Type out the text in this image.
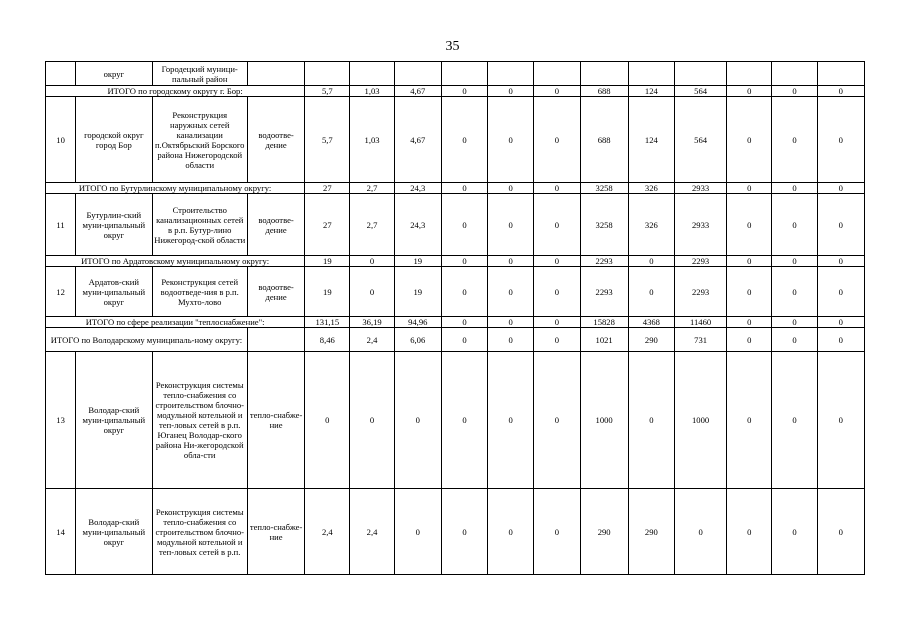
35
	округ	Городецкий муници-пальный район													
ИТОГО по городскому округу г. Бор:				5,7	1,03	4,67	0	0	0	688	124	564	0	0	0
10	городской округ город Бор	Реконструкция наружных сетей канализации п.Октябрьский Борского района Нижегородской области	водоотве-дение	5,7	1,03	4,67	0	0	0	688	124	564	0	0	0
ИТОГО по Бутурлинскому муниципальному округу:				27	2,7	24,3	0	0	0	3258	326	2933	0	0	0
11	Бутурлин-ский муни-ципальный округ	Строительство канализационных сетей в р.п. Бутур-лино Нижегород-ской области	водоотве-дение	27	2,7	24,3	0	0	0	3258	326	2933	0	0	0
ИТОГО по Ардатовскому муниципальному округу:				19	0	19	0	0	0	2293	0	2293	0	0	0
12	Ардатов-ский муни-ципальный округ	Реконструкция сетей водоотведе-ния в р.п. Мухто-лово	водоотве-дение	19	0	19	0	0	0	2293	0	2293	0	0	0
ИТОГО по сфере реализации "теплоснабжение":				131,15	36,19	94,96	0	0	0	15828	4368	11460	0	0	0
ИТОГО по Володарскому муниципаль-ному округу:				8,46	2,4	6,06	0	0	0	1021	290	731	0	0	0
13	Володар-ский муни-ципальный округ	Реконструкция системы тепло-снабжения со строительством блочно-модульной котельной и теп-ловых сетей в р.п. Юганец Володар-ского района Ни-жегородской обла-сти	тепло-снабже-ние	0	0	0	0	0	0	1000	0	1000	0	0	0
14	Володар-ский муни-ципальный округ	Реконструкция системы тепло-снабжения со строительством блочно-модульной котельной и теп-ловых сетей в р.п.	тепло-снабже-ние	2,4	2,4	0	0	0	0	290	290	0	0	0	0
